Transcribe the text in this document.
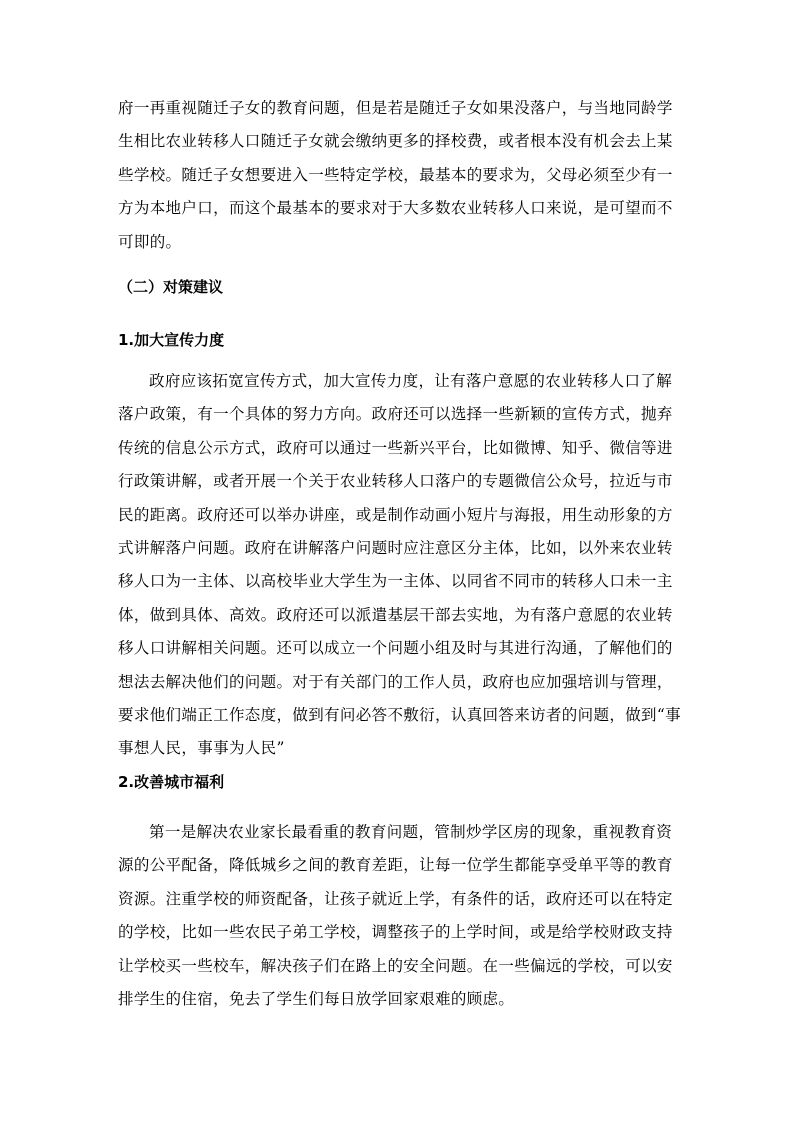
府一再重视随迁子女的教育问题，但是若是随迁子女如果没落户，与当地同龄学
生相比农业转移人口随迁子女就会缴纳更多的择校费，或者根本没有机会去上某
些学校。随迁子女想要进入一些特定学校，最基本的要求为，父母必须至少有一
方为本地户口，而这个最基本的要求对于大多数农业转移人口来说，是可望而不
可即的。

（二）对策建议
1.加大宣传力度

政府应该拓宽宣传方式，加大宣传力度，让有落户意愿的农业转移人口了解
落户政策，有一个具体的努力方向。政府还可以选择一些新颖的宣传方式，抛弃
传统的信息公示方式，政府可以通过一些新兴平台，比如微博、知乎、微信等进
行政策讲解，或者开展一个关于农业转移人口落户的专题微信公众号，拉近与市
民的距离。政府还可以举办讲座，或是制作动画小短片与海报，用生动形象的方
式讲解落户问题。政府在讲解落户问题时应注意区分主体，比如，以外来农业转
移人口为一主体、以高校毕业大学生为一主体、以同省不同市的转移人口未一主
体，做到具体、高效。政府还可以派遣基层干部去实地，为有落户意愿的农业转
移人口讲解相关问题。还可以成立一个问题小组及时与其进行沟通，了解他们的
想法去解决他们的问题。对于有关部门的工作人员，政府也应加强培训与管理，
要求他们端正工作态度，做到有问必答不敷衍，认真回答来访者的问题，做到“事
事想人民，事事为人民”

2.改善城市福利

第一是解决农业家长最看重的教育问题，管制炒学区房的现象，重视教育资
源的公平配备，降低城乡之间的教育差距，让每一位学生都能享受单平等的教育
资源。注重学校的师资配备，让孩子就近上学，有条件的话，政府还可以在特定
的学校，比如一些农民子弟工学校，调整孩子的上学时间，或是给学校财政支持
让学校买一些校车，解决孩子们在路上的安全问题。在一些偏远的学校，可以安
排学生的住宿，免去了学生们每日放学回家艰难的顾虑。
